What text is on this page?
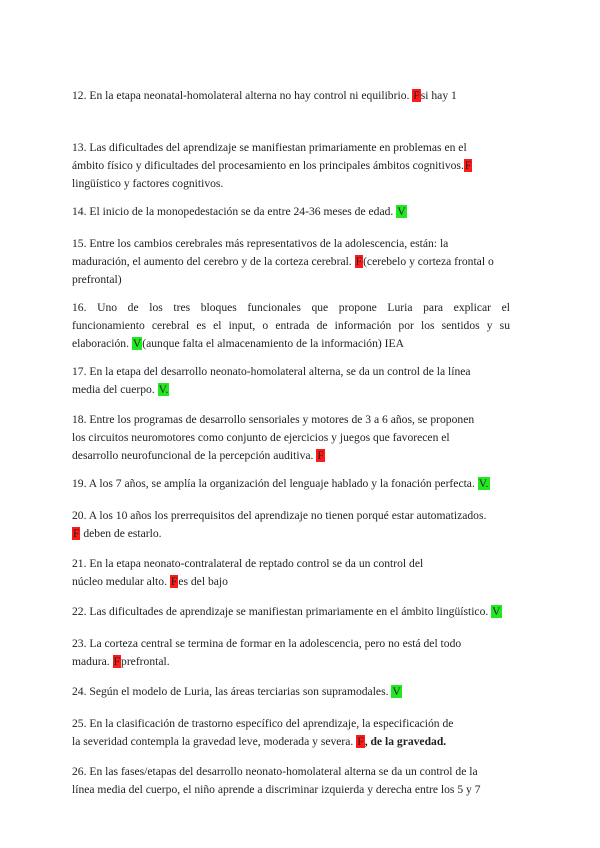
12. En la etapa neonatal-homolateral alterna no hay control ni equilibrio. Fsi hay 1
13. Las dificultades del aprendizaje se manifiestan primariamente en problemas en el
ámbito físico y dificultades del procesamiento en los principales ámbitos cognitivos.F
lingüístico y factores cognitivos.
14. El inicio de la monopedestación se da entre 24-36 meses de edad. V
15. Entre los cambios cerebrales más representativos de la adolescencia, están: la
maduración, el aumento del cerebro y de la corteza cerebral. F(cerebelo y corteza frontal o
prefrontal)
16. Uno de los tres bloques funcionales que propone Luria para explicar el
funcionamiento cerebral es el input, o entrada de información por los sentidos y su
elaboración. V(aunque falta el almacenamiento de la información) IEA
17. En la etapa del desarrollo neonato-homolateral alterna, se da un control de la línea
media del cuerpo. V.
18. Entre los programas de desarrollo sensoriales y motores de 3 a 6 años, se proponen
los circuitos neuromotores como conjunto de ejercicios y juegos que favorecen el
desarrollo neurofuncional de la percepción auditiva. F
19. A los 7 años, se amplía la organización del lenguaje hablado y la fonación perfecta. V.
20. A los 10 años los prerrequisitos del aprendizaje no tienen porqué estar automatizados.
F deben de estarlo.
21. En la etapa neonato-contralateral de reptado control se da un control del
núcleo medular alto. Fes del bajo
22. Las dificultades de aprendizaje se manifiestan primariamente en el ámbito lingüístico. V
23. La corteza central se termina de formar en la adolescencia, pero no está del todo
madura. Fprefrontal.
24. Según el modelo de Luria, las áreas terciarias son supramodales. V
25. En la clasificación de trastorno específico del aprendizaje, la especificación de
la severidad contempla la gravedad leve, moderada y severa. F, de la gravedad.
26. En las fases/etapas del desarrollo neonato-homolateral alterna se da un control de la
línea media del cuerpo, el niño aprende a discriminar izquierda y derecha entre los 5 y 7
